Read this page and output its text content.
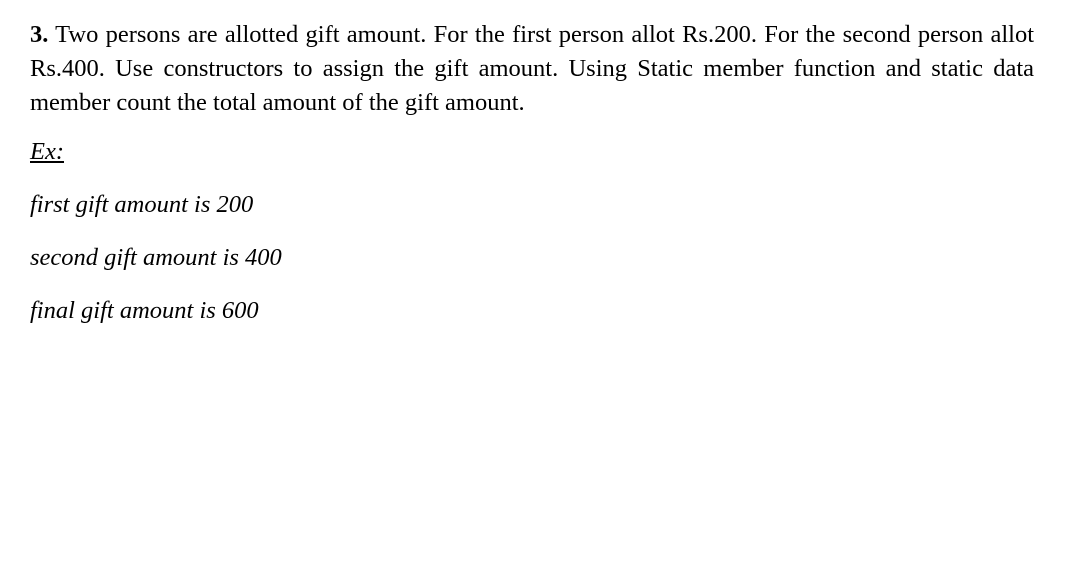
3. Two persons are allotted gift amount. For the first person allot Rs.200. For the second person allot Rs.400. Use constructors to assign the gift amount. Using Static member function and static data member count the total amount of the gift amount.

Ex:

first gift amount is 200

second gift amount is 400

final gift amount is 600
